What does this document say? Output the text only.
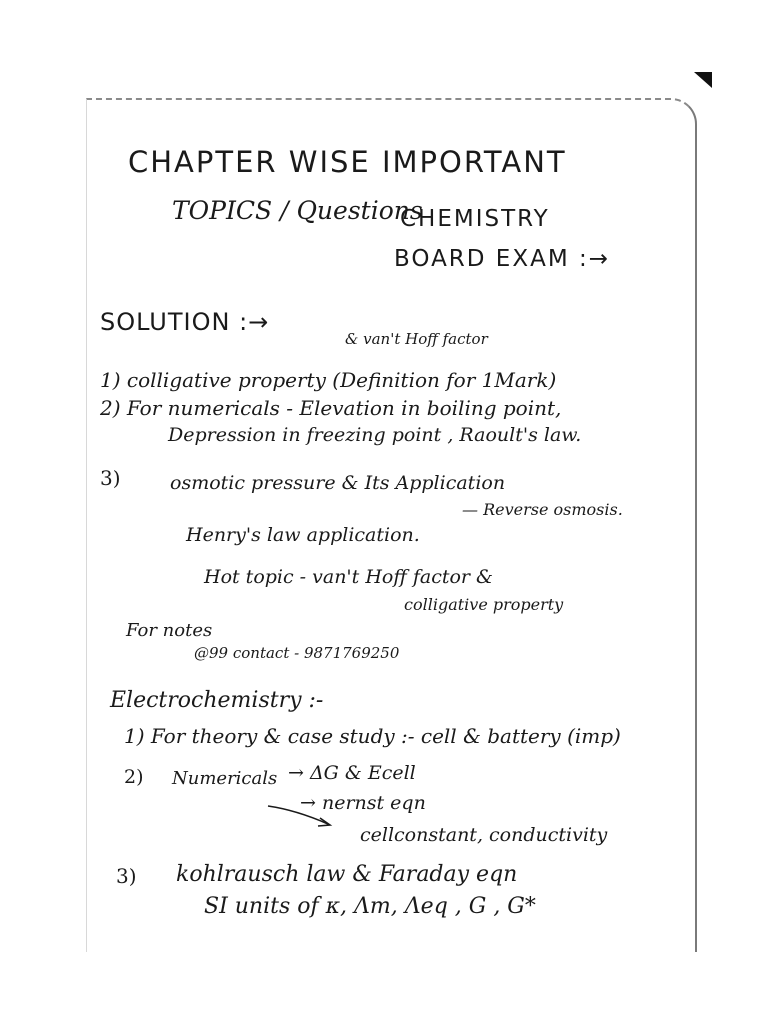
CHAPTER WISE IMPORTANT
TOPICS / Questions
CHEMISTRY
BOARD EXAM :→
SOLUTION :→
& van't Hoff factor
1) colligative property (Definition for 1Mark)
2) For numericals - Elevation in boiling point,
Depression in freezing point , Raoult's law.
3)	osmotic pressure & Its Application
— Reverse osmosis.
Henry's law application.
Hot topic - van't Hoff factor &
colligative property
For notes
@99 contact - 9871769250
Electrochemistry :-
1) For theory & case study :- cell & battery (imp)
2) Numericals → ΔG & Ecell
→ nernst eqn
cellconstant, conductivity
3) kohlrausch law & Faraday eqn
SI units of κ, Λm, Λeq , G , G*
